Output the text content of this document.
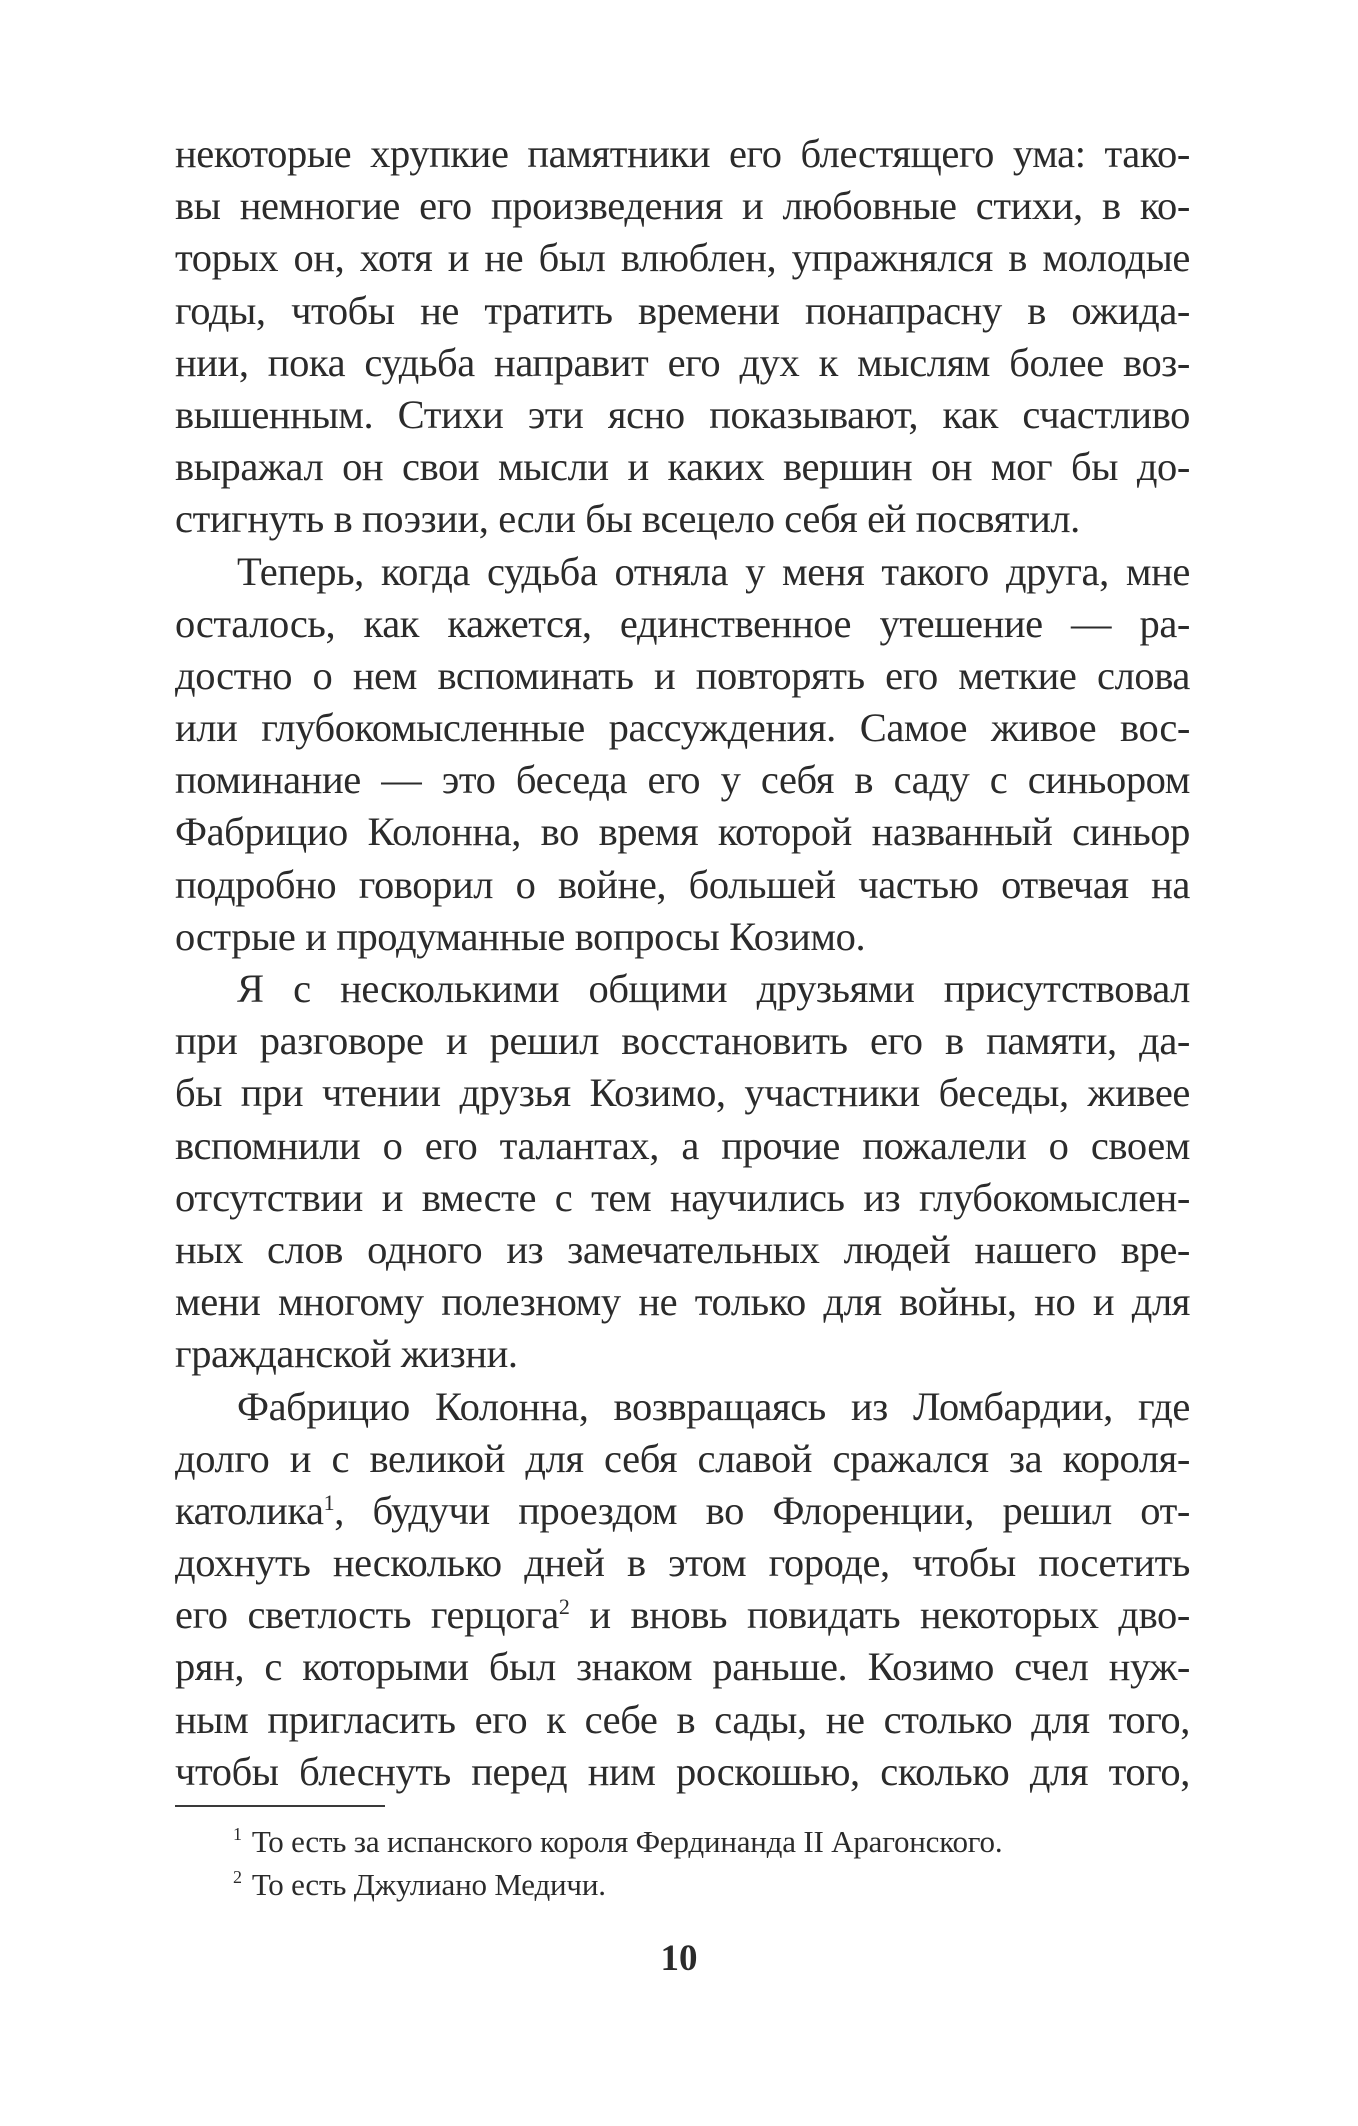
некоторые хрупкие памятники его блестящего ума: тако-
вы немногие его произведения и любовные стихи, в ко-
торых он, хотя и не был влюблен, упражнялся в молодые
годы, чтобы не тратить времени понапрасну в ожида-
нии, пока судьба направит его дух к мыслям более воз-
вышенным. Стихи эти ясно показывают, как счастливо
выражал он свои мысли и каких вершин он мог бы до-
стигнуть в поэзии, если бы всецело себя ей посвятил.
Теперь, когда судьба отняла у меня такого друга, мне
осталось, как кажется, единственное утешение — ра-
достно о нем вспоминать и повторять его меткие слова
или глубокомысленные рассуждения. Самое живое вос-
поминание — это беседа его у себя в саду с синьором
Фабрицио Колонна, во время которой названный синьор
подробно говорил о войне, большей частью отвечая на
острые и продуманные вопросы Козимо.
Я с несколькими общими друзьями присутствовал
при разговоре и решил восстановить его в памяти, да-
бы при чтении друзья Козимо, участники беседы, живее
вспомнили о его талантах, а прочие пожалели о своем
отсутствии и вместе с тем научились из глубокомыслен-
ных слов одного из замечательных людей нашего вре-
мени многому полезному не только для войны, но и для
гражданской жизни.
Фабрицио Колонна, возвращаясь из Ломбардии, где
долго и с великой для себя славой сражался за короля-
католика$^1$, будучи проездом во Флоренции, решил от-
дохнуть несколько дней в этом городе, чтобы посетить
его светлость герцога$^2$ и вновь повидать некоторых дво-
рян, с которыми был знаком раньше. Козимо счел нуж-
ным пригласить его к себе в сады, не столько для того,
чтобы блеснуть перед ним роскошью, сколько для того,
$^1$ То есть за испанского короля Фердинанда II Арагонского.
$^2$ То есть Джулиано Медичи.
10
